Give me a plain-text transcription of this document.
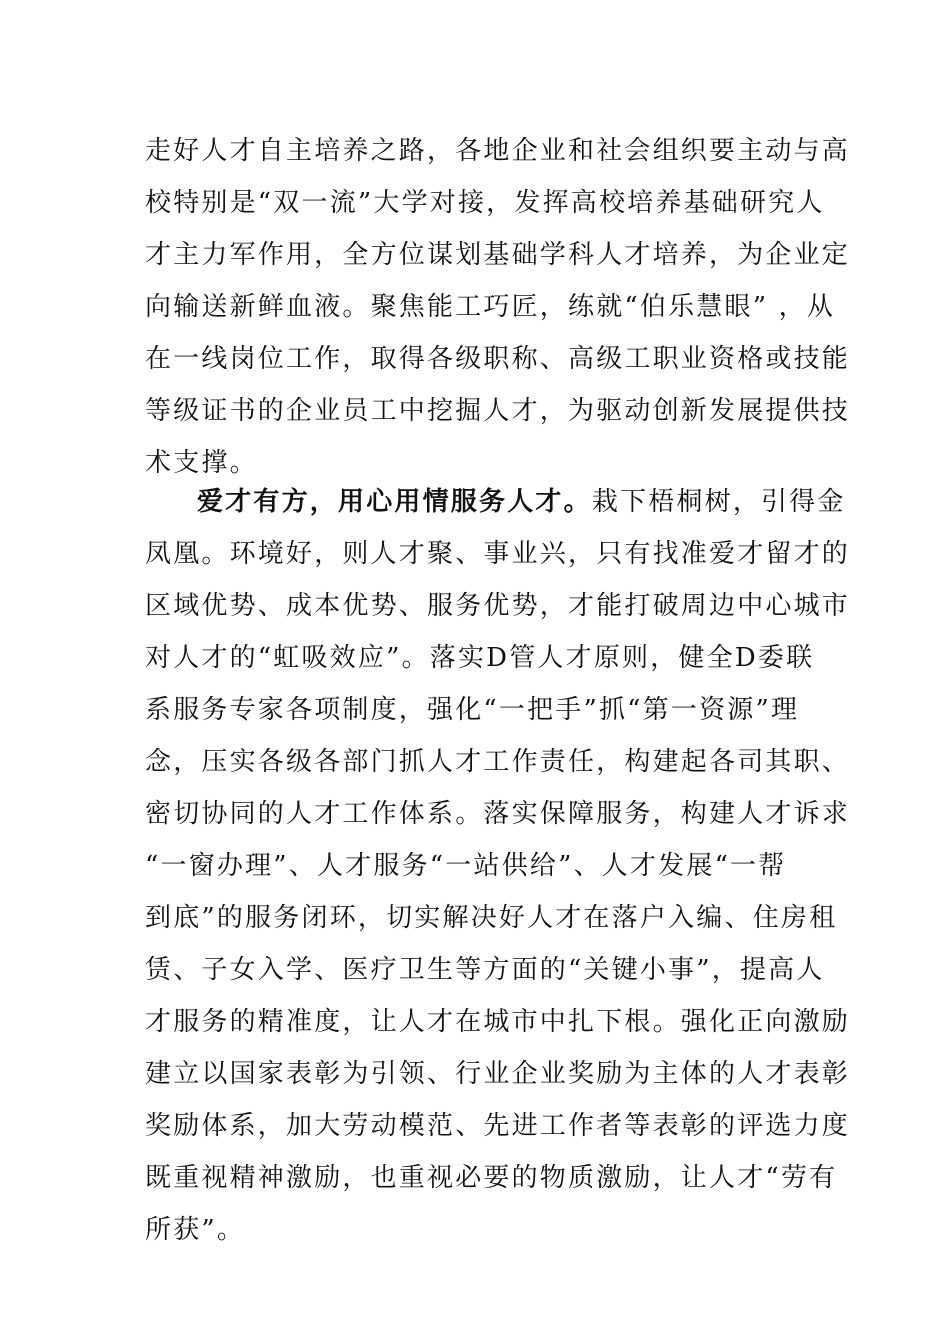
走好人才自主培养之路，各地企业和社会组织要主动与高
校特别是“双一流”大学对接，发挥高校培养基础研究人
才主力军作用，全方位谋划基础学科人才培养，为企业定
向输送新鲜血液。聚焦能工巧匠，练就“伯乐慧眼” ，从
在一线岗位工作，取得各级职称、高级工职业资格或技能
等级证书的企业员工中挖掘人才，为驱动创新发展提供技
术支撑。
爱才有方，用心用情服务人才。栽下梧桐树，引得金
凤凰。环境好，则人才聚、事业兴，只有找准爱才留才的
区域优势、成本优势、服务优势，才能打破周边中心城市
对人才的“虹吸效应”。落实D管人才原则，健全D委联
系服务专家各项制度，强化“一把手”抓“第一资源”理
念，压实各级各部门抓人才工作责任，构建起各司其职、
密切协同的人才工作体系。落实保障服务，构建人才诉求
“一窗办理”、人才服务“一站供给”、人才发展“一帮
到底”的服务闭环，切实解决好人才在落户入编、住房租
赁、子女入学、医疗卫生等方面的“关键小事”，提高人
才服务的精准度，让人才在城市中扎下根。强化正向激励
建立以国家表彰为引领、行业企业奖励为主体的人才表彰
奖励体系，加大劳动模范、先进工作者等表彰的评选力度
既重视精神激励，也重视必要的物质激励，让人才“劳有
所获”。
